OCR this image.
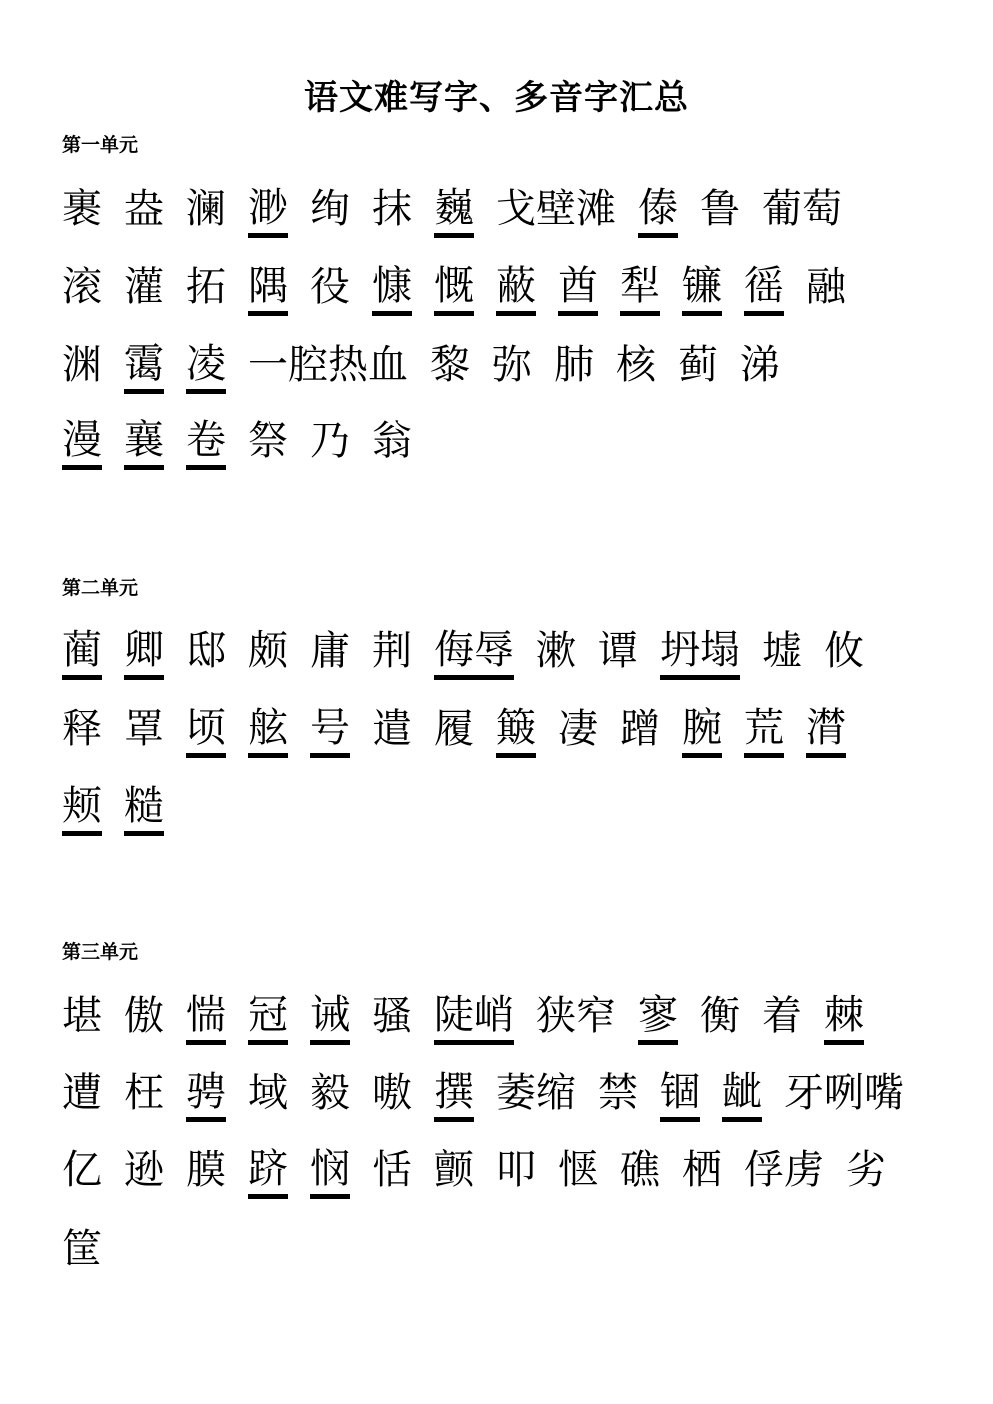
语文难写字、多音字汇总
第一单元
裹 盎 澜 渺 绚 抹 巍 戈壁滩 傣 鲁 葡萄
滚 灌 拓 隅 役 慷 慨 蔽 酋 犁 镰 徭 融
渊 霭 凌 一腔热血 黎 弥 肺 核 蓟 涕
漫 襄 卷 祭 乃 翁
第二单元
蔺 卿 邸 颇 庸 荆 侮辱 漱 谭 坍塌 墟 攸
释 罩 顷 舷 号 遣 履 簸 凄 蹭 腕 荒 潸
颊 糙
第三单元
堪 傲 惴 冠 诫 骚 陡峭 狭窄 寥 衡 着 棘
遭 枉 骋 域 毅 嗷 撰 萎缩 禁 锢 龇 牙咧嘴
亿 逊 膜 跻 悯 恬 颤 叩 惬 礁 栖 俘虏 劣
筐
